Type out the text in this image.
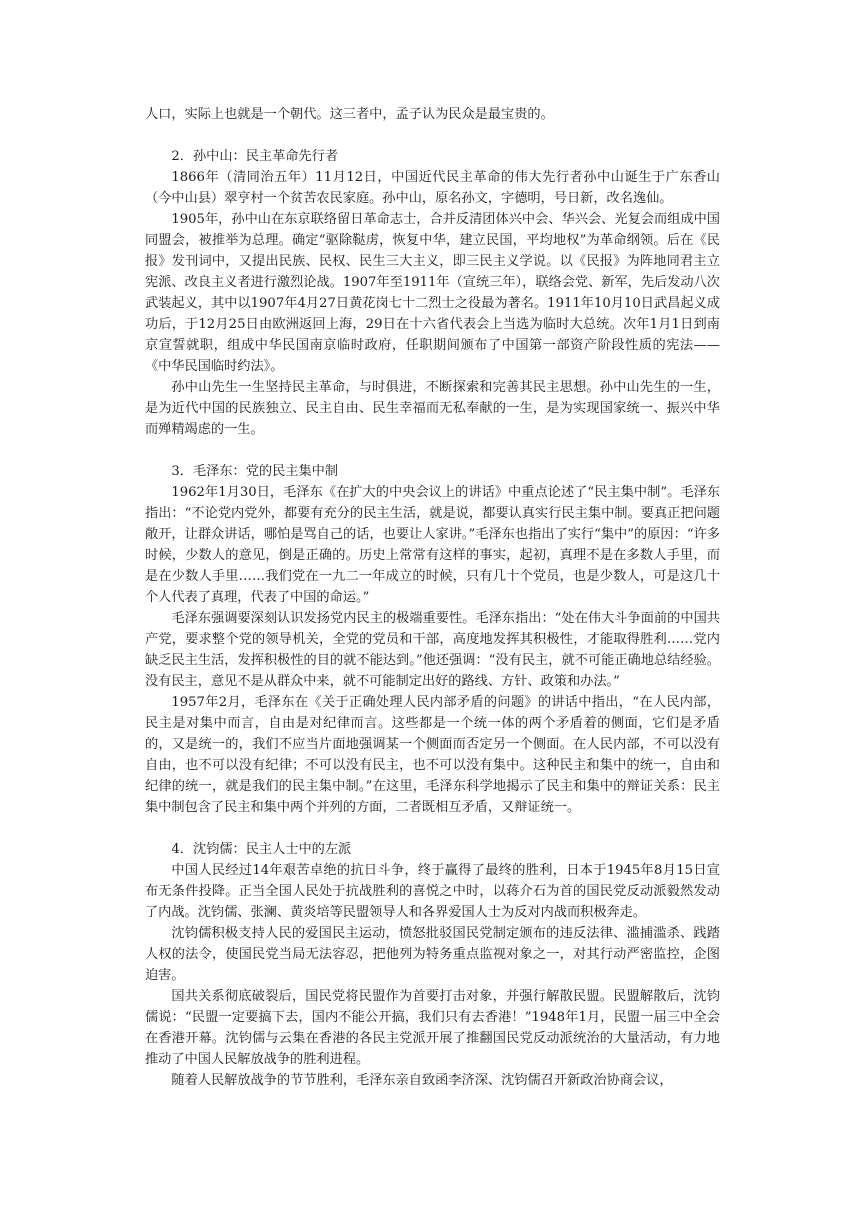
人口，实际上也就是一个朝代。这三者中，孟子认为民众是最宝贵的。

2．孙中山：民主革命先行者

1866年（清同治五年）11月12日，中国近代民主革命的伟大先行者孙中山诞生于广东香山（今中山县）翠亨村一个贫苦农民家庭。孙中山，原名孙文，字德明，号日新，改名逸仙。

1905年，孙中山在东京联络留日革命志士，合并反清团体兴中会、华兴会、光复会而组成中国同盟会，被推举为总理。确定“驱除鞑虏，恢复中华，建立民国，平均地权”为革命纲领。后在《民报》发刊词中，又提出民族、民权、民生三大主义，即三民主义学说。以《民报》为阵地同君主立宪派、改良主义者进行激烈论战。1907年至1911年（宣统三年），联络会党、新军，先后发动八次武装起义，其中以1907年4月27日黄花岗七十二烈士之役最为著名。1911年10月10日武昌起义成功后，于12月25日由欧洲返回上海，29日在十六省代表会上当选为临时大总统。次年1月1日到南京宣誓就职，组成中华民国南京临时政府，任职期间颁布了中国第一部资产阶段性质的宪法——《中华民国临时约法》。

孙中山先生一生坚持民主革命，与时俱进，不断探索和完善其民主思想。孙中山先生的一生，是为近代中国的民族独立、民主自由、民生幸福而无私奉献的一生，是为实现国家统一、振兴中华而殚精竭虑的一生。

3．毛泽东：党的民主集中制

1962年1月30日，毛泽东《在扩大的中央会议上的讲话》中重点论述了“民主集中制”。毛泽东指出：“不论党内党外，都要有充分的民主生活，就是说，都要认真实行民主集中制。要真正把问题敞开，让群众讲话，哪怕是骂自己的话，也要让人家讲。”毛泽东也指出了实行“集中”的原因：“许多时候，少数人的意见，倒是正确的。历史上常常有这样的事实，起初，真理不是在多数人手里，而是在少数人手里……我们党在一九二一年成立的时候，只有几十个党员，也是少数人，可是这几十个人代表了真理，代表了中国的命运。”

毛泽东强调要深刻认识发扬党内民主的极端重要性。毛泽东指出：“处在伟大斗争面前的中国共产党，要求整个党的领导机关，全党的党员和干部，高度地发挥其积极性，才能取得胜利……党内缺乏民主生活，发挥积极性的目的就不能达到。”他还强调：“没有民主，就不可能正确地总结经验。没有民主，意见不是从群众中来，就不可能制定出好的路线、方针、政策和办法。”

1957年2月，毛泽东在《关于正确处理人民内部矛盾的问题》的讲话中指出，“在人民内部，民主是对集中而言，自由是对纪律而言。这些都是一个统一体的两个矛盾着的侧面，它们是矛盾的，又是统一的，我们不应当片面地强调某一个侧面而否定另一个侧面。在人民内部，不可以没有自由，也不可以没有纪律；不可以没有民主，也不可以没有集中。这种民主和集中的统一，自由和纪律的统一，就是我们的民主集中制。”在这里，毛泽东科学地揭示了民主和集中的辩证关系：民主集中制包含了民主和集中两个并列的方面，二者既相互矛盾，又辩证统一。

4．沈钧儒：民主人士中的左派

中国人民经过14年艰苦卓绝的抗日斗争，终于赢得了最终的胜利，日本于1945年8月15日宣布无条件投降。正当全国人民处于抗战胜利的喜悦之中时，以蒋介石为首的国民党反动派毅然发动了内战。沈钧儒、张澜、黄炎培等民盟领导人和各界爱国人士为反对内战而积极奔走。

沈钧儒积极支持人民的爱国民主运动，愤怒批驳国民党制定颁布的违反法律、滥捕滥杀、践踏人权的法令，使国民党当局无法容忍，把他列为特务重点监视对象之一，对其行动严密监控，企图迫害。

国共关系彻底破裂后，国民党将民盟作为首要打击对象，并强行解散民盟。民盟解散后，沈钧儒说：“民盟一定要搞下去，国内不能公开搞，我们只有去香港！”1948年1月，民盟一届三中全会在香港开幕。沈钧儒与云集在香港的各民主党派开展了推翻国民党反动派统治的大量活动，有力地推动了中国人民解放战争的胜利进程。

随着人民解放战争的节节胜利，毛泽东亲自致函李济深、沈钧儒召开新政治协商会议，
